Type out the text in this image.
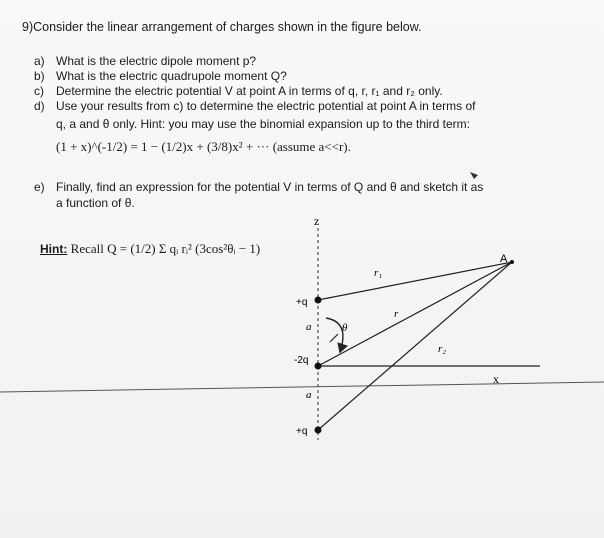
9)Consider the linear arrangement of charges shown in the figure below.
a) What is the electric dipole moment p?
b) What is the electric quadrupole moment Q?
c) Determine the electric potential V at point A in terms of q, r, r₁ and r₂ only.
d) Use your results from c) to determine the electric potential at point A in terms of
q, a and θ only. Hint: you may use the binomial expansion up to the third term:
(1 + x)^(-1/2) = 1 − (1/2)x + (3/8)x² + ··· (assume a<<r).
e) Finally, find an expression for the potential V in terms of Q and θ and sketch it as
a function of θ.
Hint: Recall Q = (1/2) Σ qᵢ rᵢ² (3cos²θᵢ − 1)
z
x
A
+q
-2q
+q
a
a
θ
r
r₁
r₂
